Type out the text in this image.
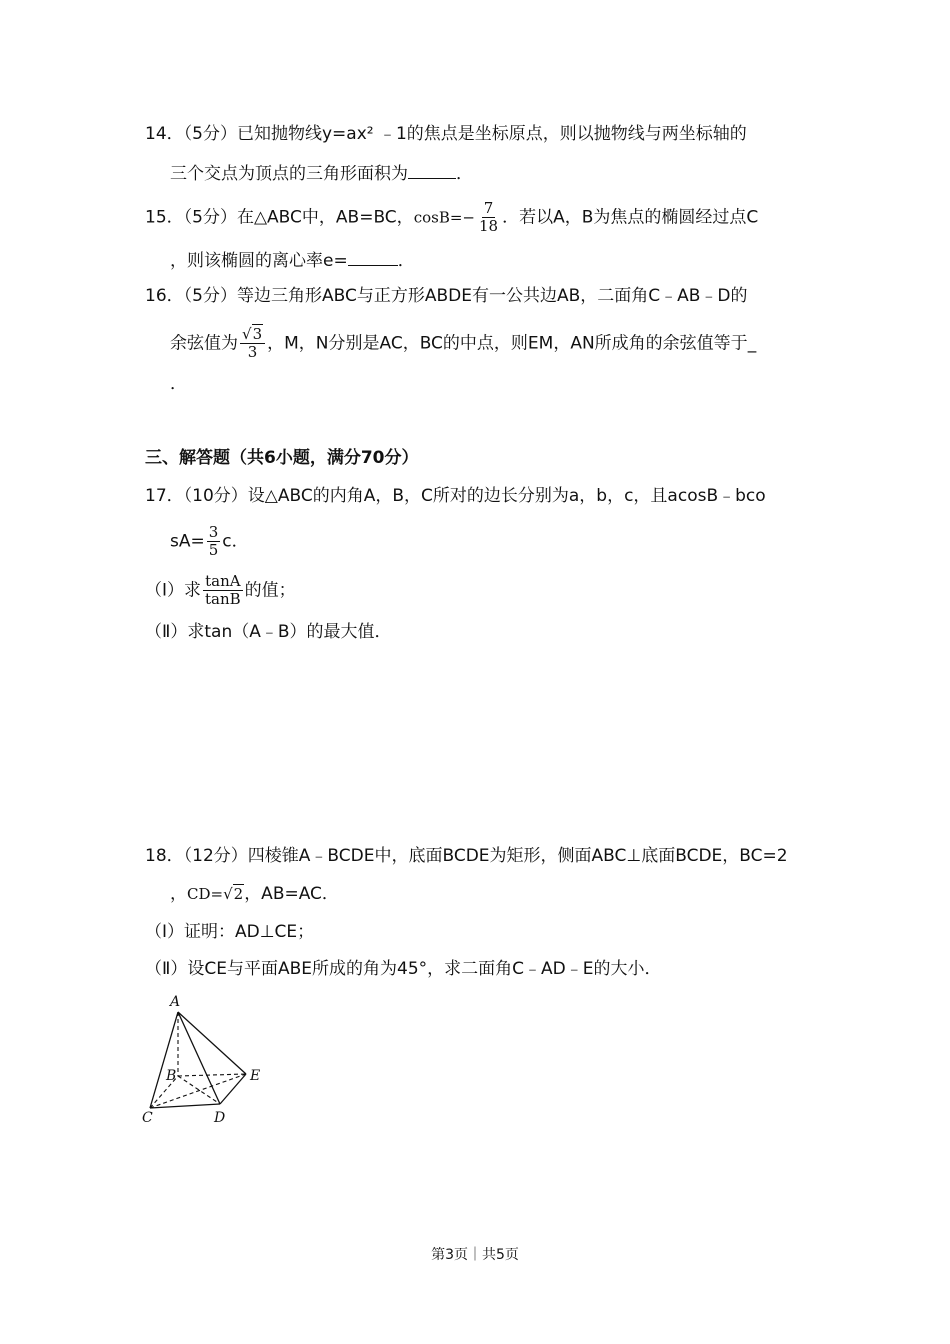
14．（5分）已知抛物线y=ax² ﹣1的焦点是坐标原点，则以抛物线与两坐标轴的
三个交点为顶点的三角形面积为	．
15．（5分）在△ABC中，AB=BC，$\cos B=- \frac{7}{18}$ ．若以A，B为焦点的椭圆经过点C
，则该椭圆的离心率e=	．
16．（5分）等边三角形ABC与正方形ABDE有一公共边AB，二面角C﹣AB﹣D的
余弦值为 $\frac{√3}{3}$ ，M，N分别是AC，BC的中点，则EM，AN所成角的余弦值等于_
．
三、解答题（共6小题，满分70分）
17．（10分）设△ABC的内角A，B，C所对的边长分别为a，b，c，且acosB﹣bco
$sA= \frac{3}{5}$ c．
（Ⅰ）求 $\frac{\tan A}{\tan B}$ 的值；
（Ⅱ）求tan（A﹣B）的最大值．
18．（12分）四棱锥A﹣BCDE中，底面BCDE为矩形，侧面ABC⊥底面BCDE，BC=2
，CD=√2，AB=AC．
（Ⅰ）证明：AD⊥CE；
（Ⅱ）设CE与平面ABE所成的角为45°，求二面角C﹣AD﹣E的大小．
A
B
C	D
E
第3页｜共5页
